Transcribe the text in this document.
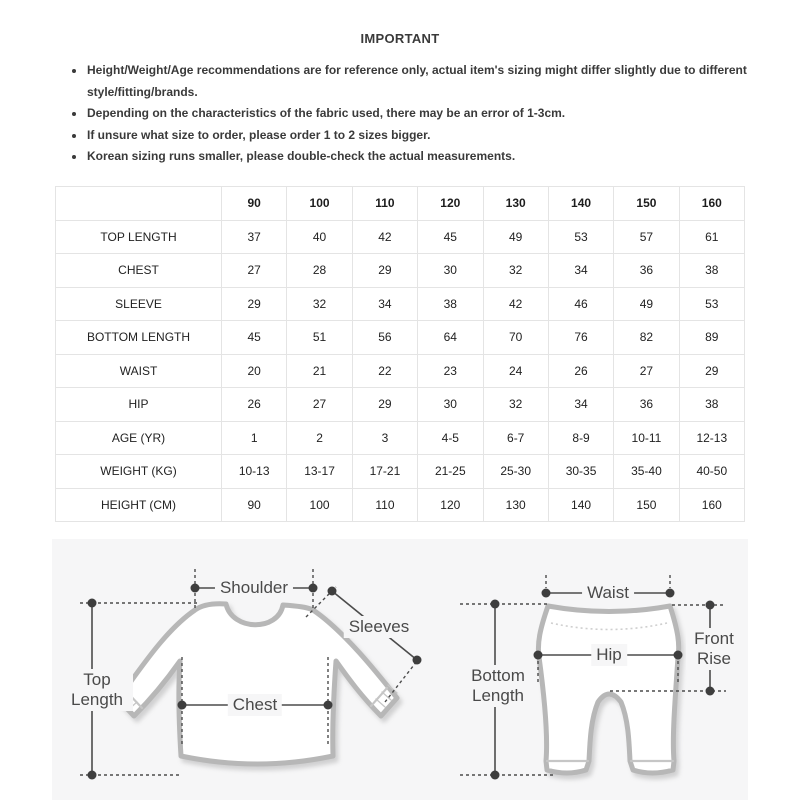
IMPORTANT
• Height/Weight/Age recommendations are for reference only, actual item's sizing might differ slightly due to different style/fitting/brands.
• Depending on the characteristics of the fabric used, there may be an error of 1-3cm.
• If unsure what size to order, please order 1 to 2 sizes bigger.
• Korean sizing runs smaller, please double-check the actual measurements.
	90	100	110	120	130	140	150	160
TOP LENGTH	37	40	42	45	49	53	57	61
CHEST	27	28	29	30	32	34	36	38
SLEEVE	29	32	34	38	42	46	49	53
BOTTOM LENGTH	45	51	56	64	70	76	82	89
WAIST	20	21	22	23	24	26	27	29
HIP	26	27	29	30	32	34	36	38
AGE (YR)	1	2	3	4-5	6-7	8-9	10-11	12-13
WEIGHT (KG)	10-13	13-17	17-21	21-25	25-30	30-35	35-40	40-50
HEIGHT (CM)	90	100	110	120	130	140	150	160
Shoulder
Sleeves
Top Length	Chest
Waist
Hip
Bottom Length
Front Rise
